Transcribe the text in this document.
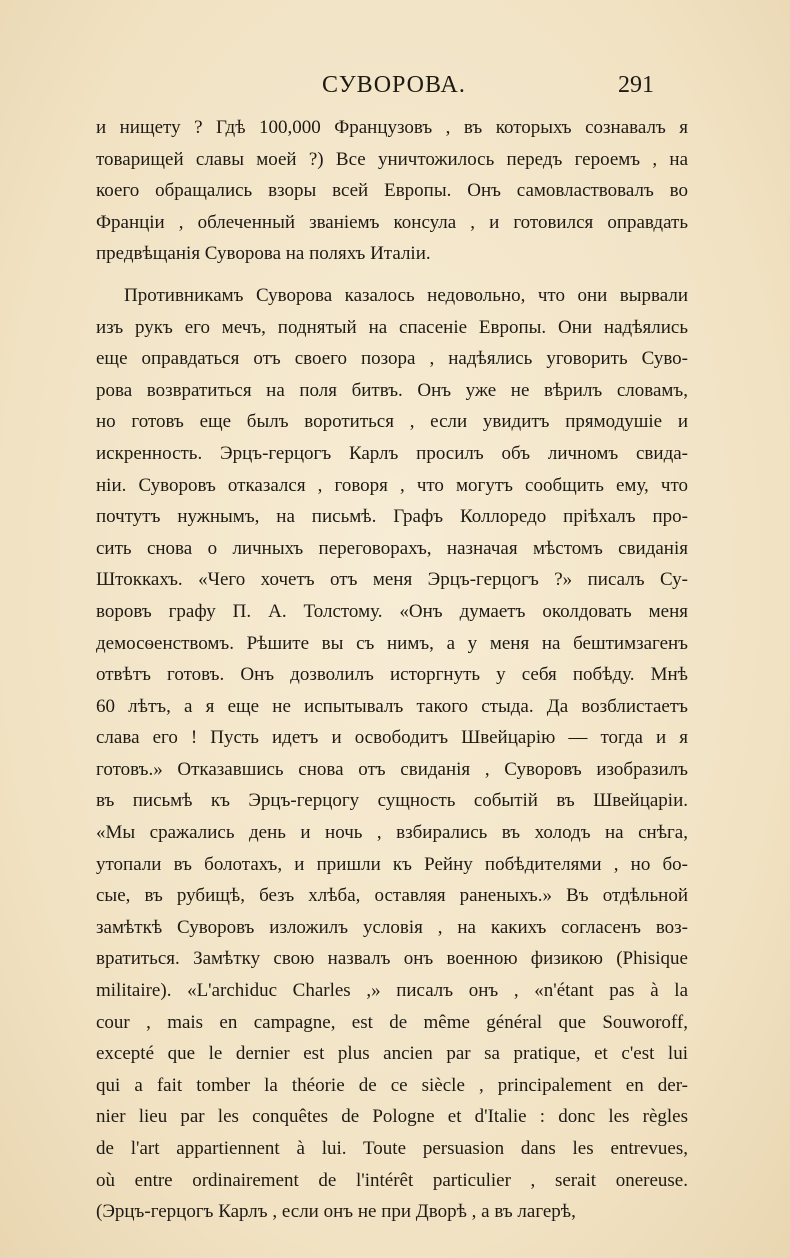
СУВОРОВА.	291
и нищету ? Гдѣ 100,000 Французовъ , въ которыхъ сознавалъ я
товарищей славы моей ?) Все уничтожилось передъ героемъ , на
коего обращались взоры всей Европы. Онъ самовластвовалъ во
Франціи , облеченный званіемъ консула , и готовился оправдать
предвѣщанія Суворова на поляхъ Италіи.
Противникамъ Суворова казалось недовольно, что они вырвали
изъ рукъ его мечъ, поднятый на спасеніе Европы. Они надѣялись
еще оправдаться отъ своего позора , надѣялись уговорить Суво-
рова возвратиться на поля битвъ. Онъ уже не вѣрилъ словамъ,
но готовъ еще былъ воротиться , если увидитъ прямодушіе и
искренность. Эрцъ-герцогъ Карлъ просилъ объ личномъ свида-
ніи. Суворовъ отказался , говоря , что могутъ сообщить ему, что
почтутъ нужнымъ, на письмѣ. Графъ Коллоредо пріѣхалъ про-
сить снова о личныхъ переговорахъ, назначая мѣстомъ свиданія
Штоккахъ. «Чего хочетъ отъ меня Эрцъ-герцогъ ?» писалъ Су-
воровъ графу П. А. Толстому. «Онъ думаетъ околдовать меня
демосѳенствомъ. Рѣшите вы съ нимъ, а у меня на бештимзагенъ
отвѣтъ готовъ. Онъ дозволилъ исторгнуть у себя побѣду. Мнѣ
60 лѣтъ, а я еще не испытывалъ такого стыда. Да возблистаетъ
слава его ! Пусть идетъ и освободитъ Швейцарію — тогда и я
готовъ.» Отказавшись снова отъ свиданія , Суворовъ изобразилъ
въ письмѣ къ Эрцъ-герцогу сущность событій въ Швейцаріи.
«Мы сражались день и ночь , взбирались въ холодъ на снѣга,
утопали въ болотахъ, и пришли къ Рейну побѣдителями , но бо-
сые, въ рубищѣ, безъ хлѣба, оставляя раненыхъ.» Въ отдѣльной
замѣткѣ Суворовъ изложилъ условія , на какихъ согласенъ воз-
вратиться. Замѣтку свою назвалъ онъ военною физикою (Phisique
militaire). «L'archiduc Charles ,» писалъ онъ , «n'étant pas à la
cour , mais en campagne, est de même général que Souworoff,
excepté que le dernier est plus ancien par sa pratique, et c'est lui
qui a fait tomber la théorie de ce siècle , principalement en der-
nier lieu par les conquêtes de Pologne et d'Italie : donc les règles
de l'art appartiennent à lui. Toute persuasion dans les entrevues,
où entre ordinairement de l'intérêt particulier , serait onereuse.
(Эрцъ-герцогъ Карлъ , если онъ не при Дворѣ , а въ лагерѣ,
